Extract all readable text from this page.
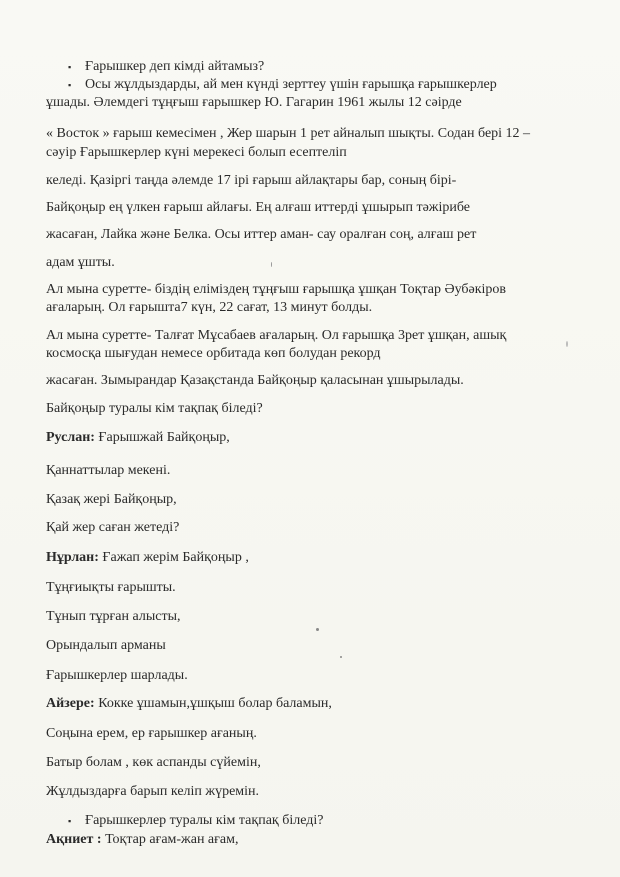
▪ Ғарышкер деп кімді айтамыз?
▪ Осы жұлдыздарды, ай мен күнді зерттеу үшін ғарышқа ғарышкерлер
ұшады. Әлемдегі тұңғыш ғарышкер Ю. Гагарин 1961 жылы 12 сәірде
« Восток » ғарыш кемесімен , Жер шарын 1 рет айналып шықты. Содан бері 12 –
сәуір Ғарышкерлер күні мерекесі болып есептеліп
келеді. Қазіргі таңда әлемде 17 ірі ғарыш айлақтары бар, соның бірі-
Байқоңыр ең үлкен ғарыш айлағы. Ең алғаш иттерді ұшырып тәжірибе
жасаған, Лайка және Белка. Осы иттер аман- сау оралған соң, алғаш рет
адам ұшты.
Ал мына суретте- біздің еліміздең тұңғыш ғарышқа ұшқан Тоқтар Әубәкіров
ағаларың. Ол ғарышта7 күн, 22 сағат, 13 минут болды.
Ал мына суретте- Талғат Мұсабаев ағаларың. Ол ғарышқа 3рет ұшқан, ашық
космосқа шығудан немесе орбитада көп болудан рекорд
жасаған. Зымырандар Қазақстанда Байқоңыр қаласынан ұшырылады.
Байқоңыр туралы кім тақпақ біледі?
Руслан: Ғарышжай Байқоңыр,
Қаннаттылар мекені.
Қазақ жері Байқоңыр,
Қай жер саған жетеді?
Нұрлан: Ғажап жерім Байқоңыр ,
Тұңғиықты ғарышты.
Тұнып тұрған алысты,
Орындалып арманы
Ғарышкерлер шарлады.
Айзере: Кокке ұшамын,ұшқыш болар баламын,
Соңына ерем, ер ғарышкер ағаның.
Батыр болам , көк аспанды сүйемін,
Жұлдыздарға барып келіп жүремін.
▪ Ғарышкерлер туралы кім тақпақ біледі?
Ақниет : Тоқтар ағам-жан ағам,
